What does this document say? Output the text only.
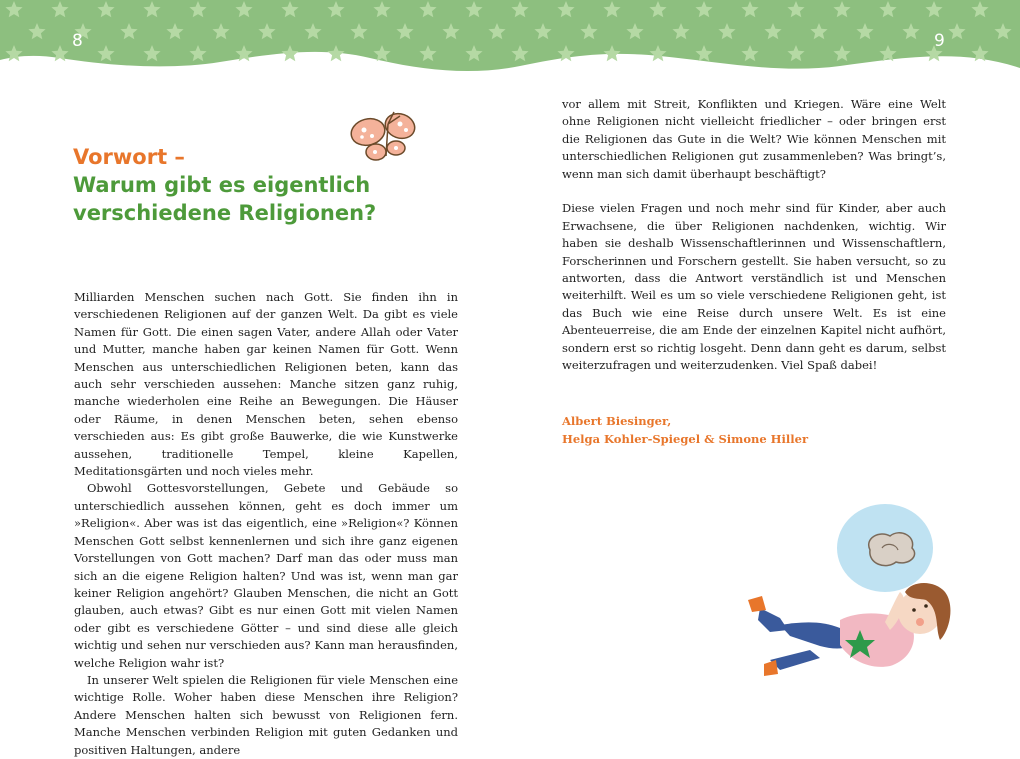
8	9
Vorwort –
Warum gibt es eigentlich
verschiedene Religionen?

Milliarden Menschen suchen nach Gott. Sie finden ihn in verschiedenen Religionen auf der ganzen Welt. Da gibt es viele Namen für Gott. Die einen sagen Vater, andere Allah oder Vater und Mutter, manche haben gar keinen Namen für Gott. Wenn Menschen aus unterschiedlichen Religionen beten, kann das auch sehr verschieden aussehen: Manche sitzen ganz ruhig, manche wiederholen eine Reihe an Bewegungen. Die Häuser oder Räume, in denen Menschen beten, sehen ebenso verschieden aus: Es gibt große Bauwerke, die wie Kunstwerke aussehen, traditionelle Tempel, kleine Kapellen, Meditationsgärten und noch vieles mehr.

Obwohl Gottesvorstellungen, Gebete und Gebäude so unterschiedlich aussehen können, geht es doch immer um »Religion«. Aber was ist das eigentlich, eine »Religion«? Können Menschen Gott selbst kennenlernen und sich ihre ganz eigenen Vorstellungen von Gott machen? Darf man das oder muss man sich an die eigene Religion halten? Und was ist, wenn man gar keiner Religion angehört? Glauben Menschen, die nicht an Gott glauben, auch etwas? Gibt es nur einen Gott mit vielen Namen oder gibt es verschiedene Götter – und sind diese alle gleich wichtig und sehen nur verschieden aus? Kann man herausfinden, welche Religion wahr ist?

In unserer Welt spielen die Religionen für viele Menschen eine wichtige Rolle. Woher haben diese Menschen ihre Religion? Andere Menschen halten sich bewusst von Religionen fern. Manche Menschen verbinden Religion mit guten Gedanken und positiven Haltungen, andere

vor allem mit Streit, Konflikten und Kriegen. Wäre eine Welt ohne Religionen nicht vielleicht friedlicher – oder bringen erst die Religionen das Gute in die Welt? Wie können Menschen mit unterschiedlichen Religionen gut zusammenleben? Was bringt’s, wenn man sich damit überhaupt beschäftigt?

Diese vielen Fragen und noch mehr sind für Kinder, aber auch Erwachsene, die über Religionen nachdenken, wichtig. Wir haben sie deshalb Wissenschaftlerinnen und Wissenschaftlern, Forscherinnen und Forschern gestellt. Sie haben versucht, so zu antworten, dass die Antwort verständlich ist und Menschen weiterhilft. Weil es um so viele verschiedene Religionen geht, ist das Buch wie eine Reise durch unsere Welt. Es ist eine Abenteuerreise, die am Ende der einzelnen Kapitel nicht aufhört, sondern erst so richtig losgeht. Denn dann geht es darum, selbst weiterzufragen und weiterzudenken. Viel Spaß dabei!

Albert Biesinger,
Helga Kohler-Spiegel & Simone Hiller
